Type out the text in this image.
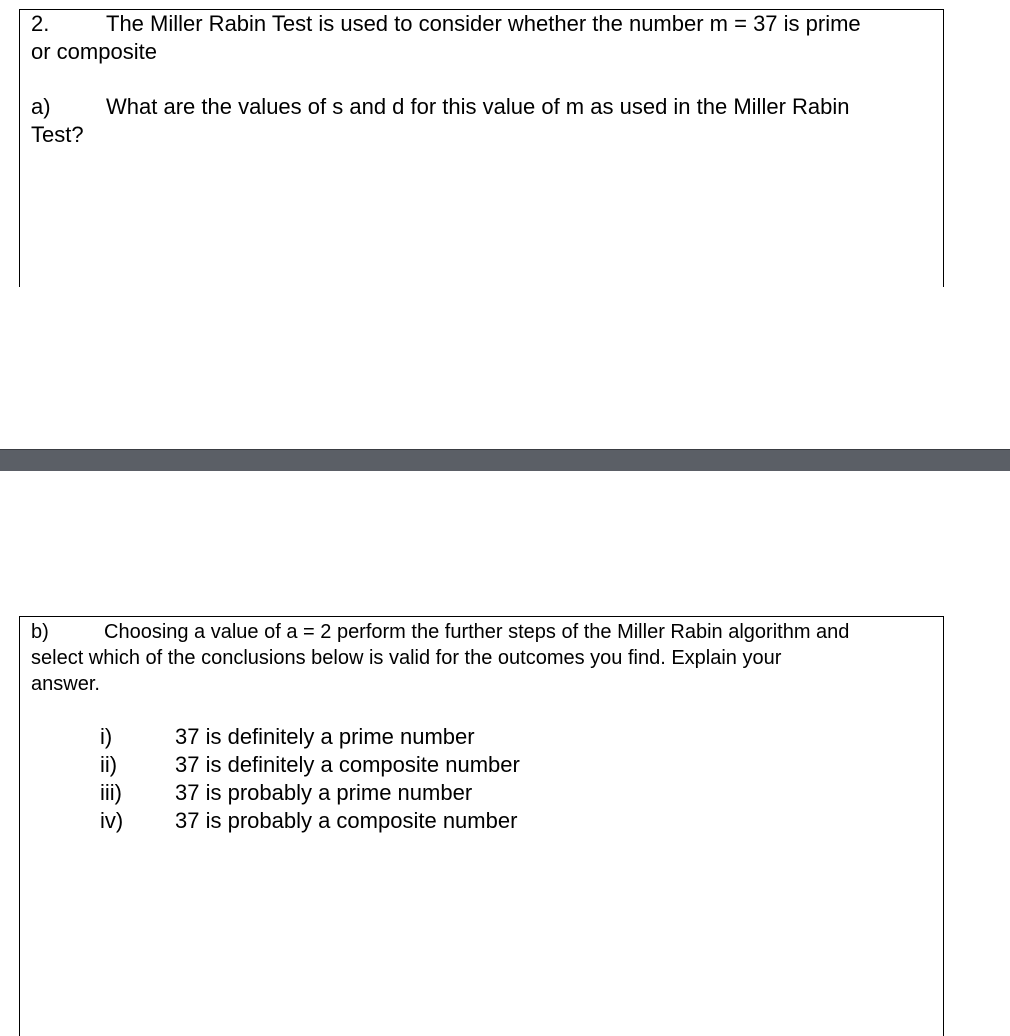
2.	The Miller Rabin Test is used to consider whether the number m = 37 is prime
or composite
a)	What are the values of s and d for this value of m as used in the Miller Rabin
Test?
b)	Choosing a value of a = 2 perform the further steps of the Miller Rabin algorithm and
select which of the conclusions below is valid for the outcomes you find. Explain your
answer.
i)	37 is definitely a prime number
ii)	37 is definitely a composite number
iii) 37 is probably a prime number
iv) 37 is probably a composite number
